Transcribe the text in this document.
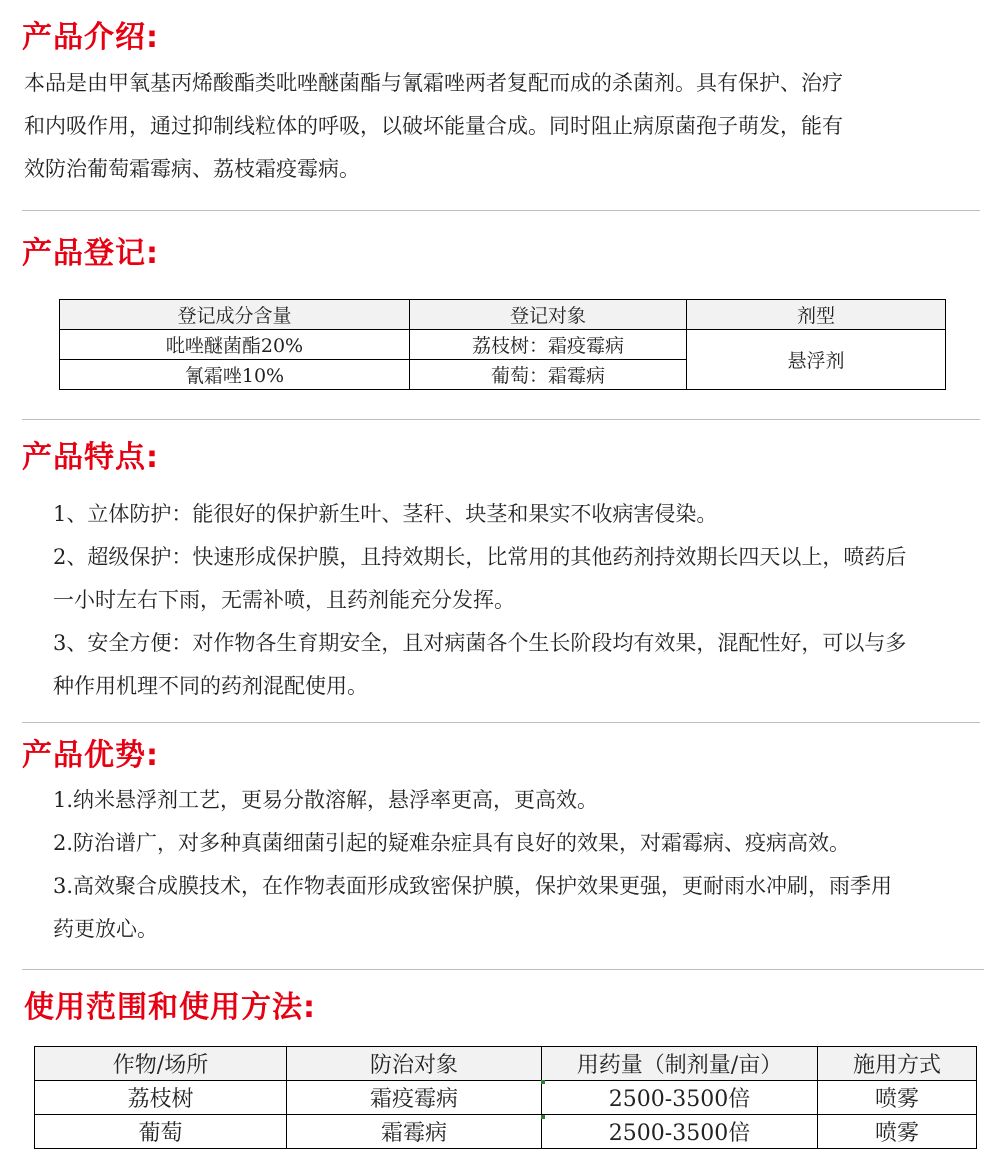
产品介绍:
本品是由甲氧基丙烯酸酯类吡唑醚菌酯与氰霜唑两者复配而成的杀菌剂。具有保护、治疗
和内吸作用，通过抑制线粒体的呼吸，以破坏能量合成。同时阻止病原菌孢子萌发，能有
效防治葡萄霜霉病、荔枝霜疫霉病。
产品登记:
登记成分含量	登记对象	剂型
吡唑醚菌酯20%	荔枝树：霜疫霉病	悬浮剂
氰霜唑10%	葡萄：霜霉病	
产品特点:
1、立体防护：能很好的保护新生叶、茎秆、块茎和果实不收病害侵染。
2、超级保护：快速形成保护膜，且持效期长，比常用的其他药剂持效期长四天以上，喷药后
一小时左右下雨，无需补喷，且药剂能充分发挥。
3、安全方便：对作物各生育期安全，且对病菌各个生长阶段均有效果，混配性好，可以与多
种作用机理不同的药剂混配使用。
产品优势:
1.纳米悬浮剂工艺，更易分散溶解，悬浮率更高，更高效。
2.防治谱广，对多种真菌细菌引起的疑难杂症具有良好的效果，对霜霉病、疫病高效。
3.高效聚合成膜技术，在作物表面形成致密保护膜，保护效果更强，更耐雨水冲刷，雨季用
药更放心。
使用范围和使用方法:
作物/场所	防治对象	用药量（制剂量/亩）	施用方式
荔枝树	霜疫霉病	2500-3500倍	喷雾
葡萄	霜霉病	2500-3500倍	喷雾
